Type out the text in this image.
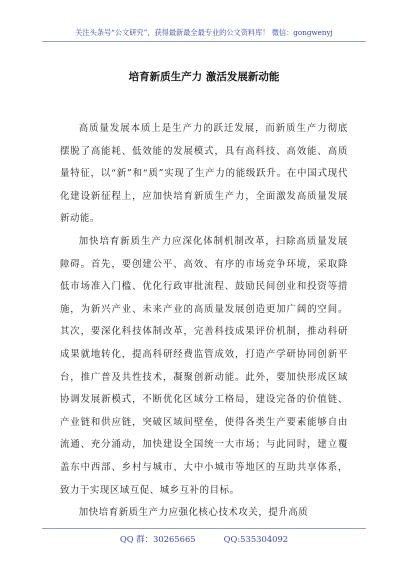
关注头条号“公文研究”，获得最新最全最专业的公文资料库！ 微信：gongwenyj
培育新质生产力 激活发展新动能

高质量发展本质上是生产力的跃迁发展，而新质生产力彻底摆脱了高能耗、低效能的发展模式，具有高科技、高效能、高质量特征，以“新”和“质”实现了生产力的能级跃升。在中国式现代化建设新征程上，应加快培育新质生产力，全面激发高质量发展新动能。

加快培育新质生产力应深化体制机制改革，扫除高质量发展障碍。首先，要创建公平、高效、有序的市场竞争环境，采取降低市场准入门槛、优化行政审批流程、鼓励民间创业和投资等措施，为新兴产业、未来产业的高质量发展创造更加广阔的空间。其次，要深化科技体制改革，完善科技成果评价机制，推动科研成果就地转化，提高科研经费监管成效，打造产学研协同创新平台，推广普及共性技术，凝聚创新动能。此外，要加快形成区域协调发展新模式，不断优化区域分工格局，建设完备的价值链、产业链和供应链，突破区域间壁垒，使得各类生产要素能够自由流通、充分涌动，加快建设全国统一大市场；与此同时，建立覆盖东中西部、乡村与城市、大中小城市等地区的互助共享体系，致力于实现区域互促、城乡互补的目标。

加快培育新质生产力应强化核心技术攻关，提升高质

QQ 群：30265665	QQ:535304092
